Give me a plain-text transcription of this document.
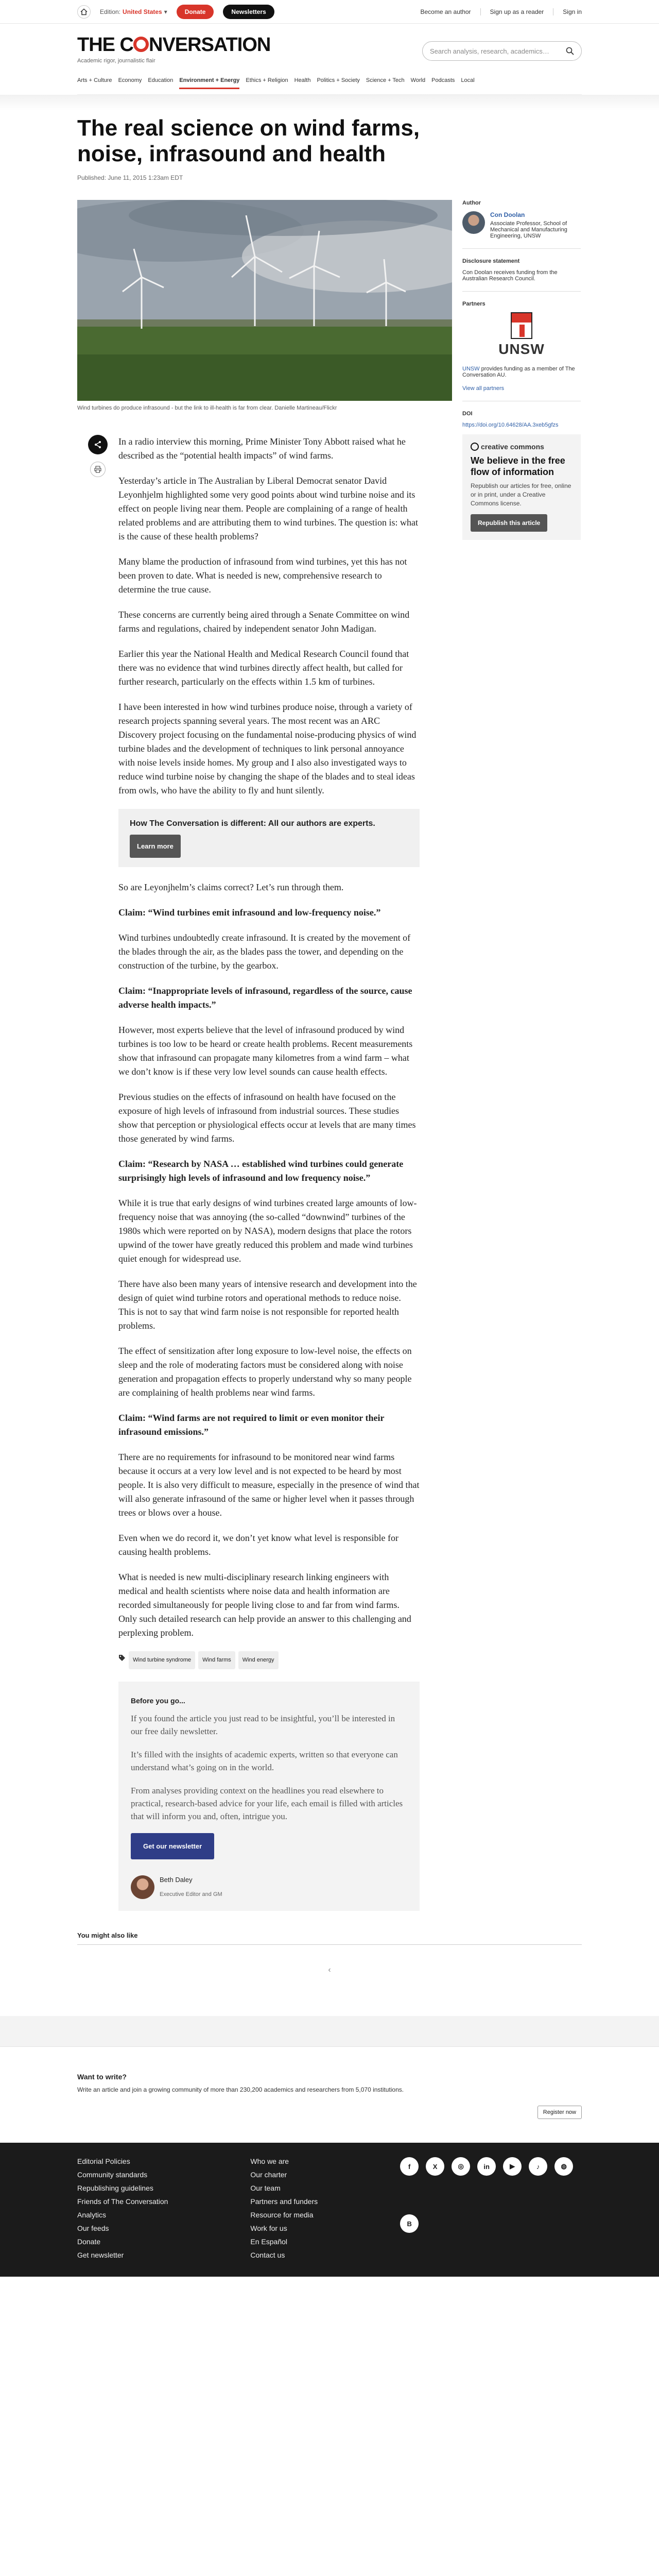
Edition: United States ▾	Donate	Newsletters	Become an author	Sign up as a reader	Sign in
THE C NVERSATION
Academic rigor, journalistic flair
Search analysis, research, academics…
Arts + Culture Economy Education Environment + Energy Ethics + Religion Health Politics + Society Science + Tech World Podcasts Local
The real science on wind farms, noise, infrasound and health
Published: June 11, 2015 1:23am EDT
Wind turbines do produce infrasound - but the link to ill-health is far from clear. Danielle Martineau/Flickr

In a radio interview this morning, Prime Minister Tony Abbott raised what he described as the “potential health impacts” of wind farms.

Yesterday’s article in The Australian by Liberal Democrat senator David Leyonhjelm highlighted some very good points about wind turbine noise and its effect on people living near them. People are complaining of a range of health related problems and are attributing them to wind turbines. The question is: what is the cause of these health problems?

Many blame the production of infrasound from wind turbines, yet this has not been proven to date. What is needed is new, comprehensive research to determine the true cause.

These concerns are currently being aired through a Senate Committee on wind farms and regulations, chaired by independent senator John Madigan.

Earlier this year the National Health and Medical Research Council found that there was no evidence that wind turbines directly affect health, but called for further research, particularly on the effects within 1.5 km of turbines.

I have been interested in how wind turbines produce noise, through a variety of research projects spanning several years. The most recent was an ARC Discovery project focusing on the fundamental noise-producing physics of wind turbine blades and the development of techniques to link personal annoyance with noise levels inside homes. My group and I also also investigated ways to reduce wind turbine noise by changing the shape of the blades and to steal ideas from owls, who have the ability to fly and hunt silently.

How The Conversation is different: All our authors are experts.
Learn more

So are Leyonjhelm’s claims correct? Let’s run through them.

Claim: “Wind turbines emit infrasound and low-frequency noise.”

Wind turbines undoubtedly create infrasound. It is created by the movement of the blades through the air, as the blades pass the tower, and depending on the construction of the turbine, by the gearbox.

Claim: “Inappropriate levels of infrasound, regardless of the source, cause adverse health impacts.”

However, most experts believe that the level of infrasound produced by wind turbines is too low to be heard or create health problems. Recent measurements show that infrasound can propagate many kilometres from a wind farm – what we don’t know is if these very low level sounds can cause health effects.

Previous studies on the effects of infrasound on health have focused on the exposure of high levels of infrasound from industrial sources. These studies show that perception or physiological effects occur at levels that are many times those generated by wind farms.

Claim: “Research by NASA … established wind turbines could generate surprisingly high levels of infrasound and low frequency noise.”

While it is true that early designs of wind turbines created large amounts of low-frequency noise that was annoying (the so-called “downwind” turbines of the 1980s which were reported on by NASA), modern designs that place the rotors upwind of the tower have greatly reduced this problem and made wind turbines quiet enough for widespread use.

There have also been many years of intensive research and development into the design of quiet wind turbine rotors and operational methods to reduce noise. This is not to say that wind farm noise is not responsible for reported health problems.

The effect of sensitization after long exposure to low-level noise, the effects on sleep and the role of moderating factors must be considered along with noise generation and propagation effects to properly understand why so many people are complaining of health problems near wind farms.

Claim: “Wind farms are not required to limit or even monitor their infrasound emissions.”

There are no requirements for infrasound to be monitored near wind farms because it occurs at a very low level and is not expected to be heard by most people. It is also very difficult to measure, especially in the presence of wind that will also generate infrasound of the same or higher level when it passes through trees or blows over a house.

Even when we do record it, we don’t yet know what level is responsible for causing health problems.

What is needed is new multi-disciplinary research linking engineers with medical and health scientists where noise data and health information are recorded simultaneously for people living close to and far from wind farms. Only such detailed research can help provide an answer to this challenging and perplexing problem.

Wind turbine syndrome	Wind farms	Wind energy
Before you go...

If you found the article you just read to be insightful, you’ll be interested in our free daily newsletter.

It’s filled with the insights of academic experts, written so that everyone can understand what’s going on in the world.

From analyses providing context on the headlines you read elsewhere to practical, research-based advice for your life, each email is filled with articles that will inform you and, often, intrigue you.

Get our newsletter
Beth Daley
Executive Editor and GM
Author
Con Doolan
Associate Professor, School of Mechanical and Manufacturing Engineering, UNSW
Disclosure statement
Con Doolan receives funding from the Australian Research Council.
Partners
UNSW
UNSW provides funding as a member of The Conversation AU.
View all partners
DOI
https://doi.org/10.64628/AA.3xeb5gfzs
creative commons
We believe in the free flow of information
Republish our articles for free, online or in print, under a Creative Commons license.
Republish this article
You might also like
‹
Want to write?
Write an article and join a growing community of more than 230,200 academics and researchers from 5,070 institutions.
Register now
Editorial Policies
Community standards
Republishing guidelines
Friends of The Conversation
Analytics
Our feeds
Donate
Get newsletter
Who we are
Our charter
Our team
Partners and funders
Resource for media
Work for us
En Español
Contact us
f	X	◎	in	▶	♪	◍
B
